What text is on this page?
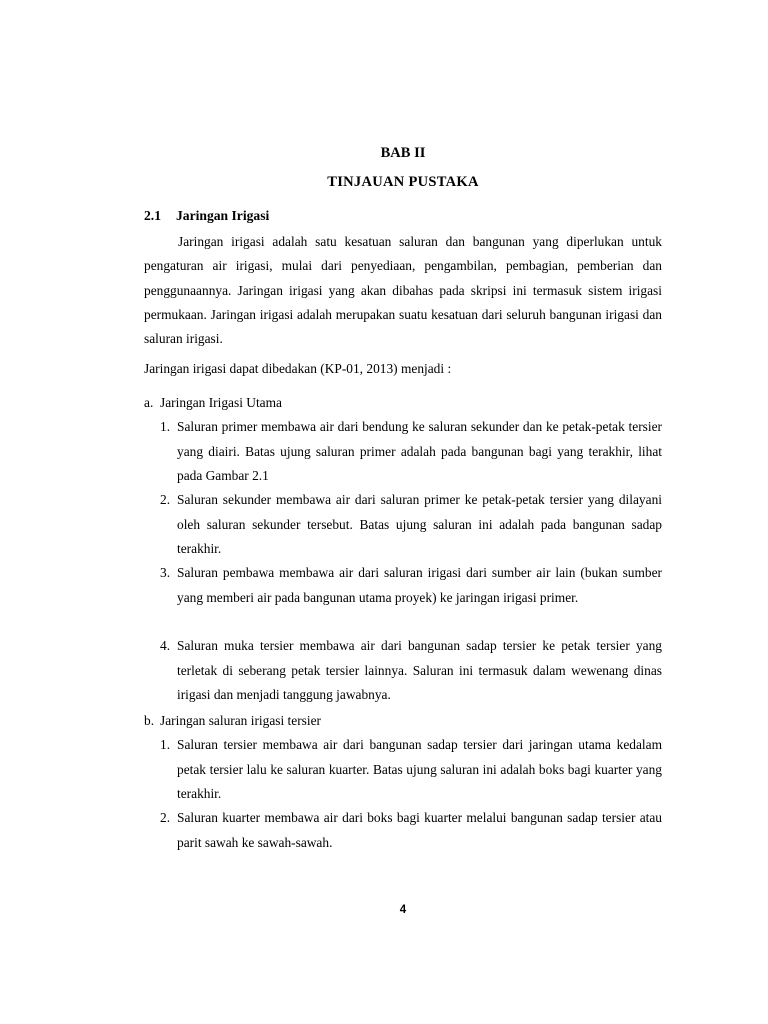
BAB II
TINJAUAN PUSTAKA
2.1 Jaringan Irigasi

Jaringan irigasi adalah satu kesatuan saluran dan bangunan yang diperlukan untuk pengaturan air irigasi, mulai dari penyediaan, pengambilan, pembagian, pemberian dan penggunaannya. Jaringan irigasi yang akan dibahas pada skripsi ini termasuk sistem irigasi permukaan. Jaringan irigasi adalah merupakan suatu kesatuan dari seluruh bangunan irigasi dan saluran irigasi.

Jaringan irigasi dapat dibedakan (KP-01, 2013) menjadi :

a. Jaringan Irigasi Utama

1. Saluran primer membawa air dari bendung ke saluran sekunder dan ke petak-petak tersier yang diairi. Batas ujung saluran primer adalah pada bangunan bagi yang terakhir, lihat pada Gambar 2.1
2. Saluran sekunder membawa air dari saluran primer ke petak-petak tersier yang dilayani oleh saluran sekunder tersebut. Batas ujung saluran ini adalah pada bangunan sadap terakhir.
3. Saluran pembawa membawa air dari saluran irigasi dari sumber air lain (bukan sumber yang memberi air pada bangunan utama proyek) ke jaringan irigasi primer.
4. Saluran muka tersier membawa air dari bangunan sadap tersier ke petak tersier yang terletak di seberang petak tersier lainnya. Saluran ini termasuk dalam wewenang dinas irigasi dan menjadi tanggung jawabnya.

b. Jaringan saluran irigasi tersier

1. Saluran tersier membawa air dari bangunan sadap tersier dari jaringan utama kedalam petak tersier lalu ke saluran kuarter. Batas ujung saluran ini adalah boks bagi kuarter yang terakhir.
2. Saluran kuarter membawa air dari boks bagi kuarter melalui bangunan sadap tersier atau parit sawah ke sawah-sawah.

4
